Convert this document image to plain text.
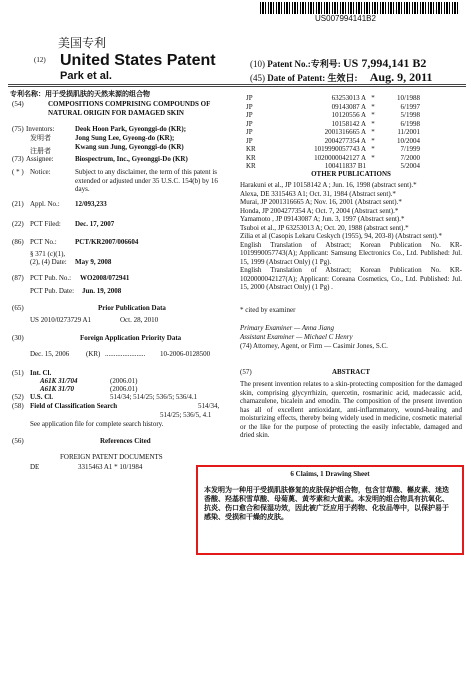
US007994141B2
美国专利
(12) United States Patent
Park et al.
(10) Patent No.:专利号: US 7,994,141 B2
(45) Date of Patent: 生效日: Aug. 9, 2011
专利名称：用于受损肌肤的天然来源的组合物
(54)	COMPOSITIONS COMPRISING COMPOUNDS OF NATURAL ORIGIN FOR DAMAGED SKIN
(75) Inventors:
发明者
Deok Hoon Park, Gyeonggi-do (KR);
Jong Sung Lee, Gyeong-do (KR);
注册者	Kwang sun Jung, Gyeonggi-do (KR)
(73) Assignee:	Biospectrum, Inc., Gyeonggi-Do (KR)
( * ) Notice:	Subject to any disclaimer, the term of this patent is extended or adjusted under 35 U.S.C. 154(b) by 16 days.
(21) Appl. No.: 12/093,233
(22) PCT Filed: Dec. 17, 2007
(86) PCT No.:	PCT/KR2007/006604
§ 371 (c)(1),
(2), (4) Date: May 9, 2008
(87) PCT Pub. No.: WO2008/072941
PCT Pub. Date: Jun. 19, 2008
(65)	Prior Publication Data
US 2010/0273729 A1	Oct. 28, 2010
(30)	Foreign Application Priority Data
Dec. 15, 2006 (KR) ....................... 10-2006-0128500
(51) Int. Cl.
A61K 31/704	(2006.01)
A61K 31/70	(2006.01)
(52) U.S. Cl.	514/34; 514/25; 536/5; 536/4.1
(58) Field of Classification Search	514/34,
514/25; 536/5, 4.1
See application file for complete search history.
(56)	References Cited
FOREIGN PATENT DOCUMENTS
DE	3315463 A1 * 10/1984
JP	63253013 A *	10/1988
JP	09143087 A *	6/1997
JP	10120556 A *	5/1998
JP	10158142 A *	6/1998
JP	2001316665 A *	11/2001
JP	2004277354 A *	10/2004
KR	1019990057743 A *	7/1999
KR	1020000042127 A *	7/2000
KR	100411837 B1	5/2004
OTHER PUBLICATIONS
Harakuni et al., JP 10158142 A ; Jun. 16, 1998 (abstract sent).*
Alexa, DE 3315463 A1; Oct. 31, 1984 (Abstract sent).*
Murai, JP 2001316665 A; Nov. 16, 2001 (Abstract sent).*
Honda, JP 2004277354 A; Oct. 7, 2004 (Abstract sent).*
Yamamoto , JP 09143087 A; Jun. 3, 1997 (Abstract sent).*
Tsuboi et al., JP 63253013 A; Oct. 20, 1988 (abstract sent).*
Zilia et al (Casopis Lekaru Ceskych (1955), 94, 203-8) (Abstract sent).*
English Translation of Abstract; Korean Publication No. KR-1019990057743(A); Applicant: Samsung Electronics Co., Ltd. Published: Jul. 15, 1999 (Abstract Only) (1 Pg).
English Translation of Abstract; Korean Publication No. KR-1020000042127(A); Applicant: Coreana Cosmetics, Co., Ltd. Published: Jul. 15, 2000 (Abstract Only) (1 Pg) .
* cited by examiner
Primary Examiner — Anna Jiang
Assistant Examiner — Michael C Henry
(74) Attorney, Agent, or Firm — Casimir Jones, S.C.
(57)	ABSTRACT
The present invention relates to a skin-protecting composition for the damaged skin, comprising glycyrrhizin, quercetin, rosmarinic acid, madecassic acid, chamazulene, bicalein and emodin. The composition of the present invention has all of excellent antioxidant, anti-inflammatory, wound-healing and moisturizing effects, thereby being widely used in medicine, cosmetic material or the like for the purpose of protecting the easily infectable, damaged and dried skin.
6 Claims, 1 Drawing Sheet
本发明为一种用于受损肌肤修复的皮肤保护组合物，包含甘草酸、槲皮素、迷迭香酸、羟基积雪草酸、母菊薁、黄芩素和大黄素。本发明的组合物具有抗氧化、抗炎、伤口愈合和保湿功效，因此被广泛应用于药物、化妆品等中，以保护易于感染、受损和干燥的皮肤。
